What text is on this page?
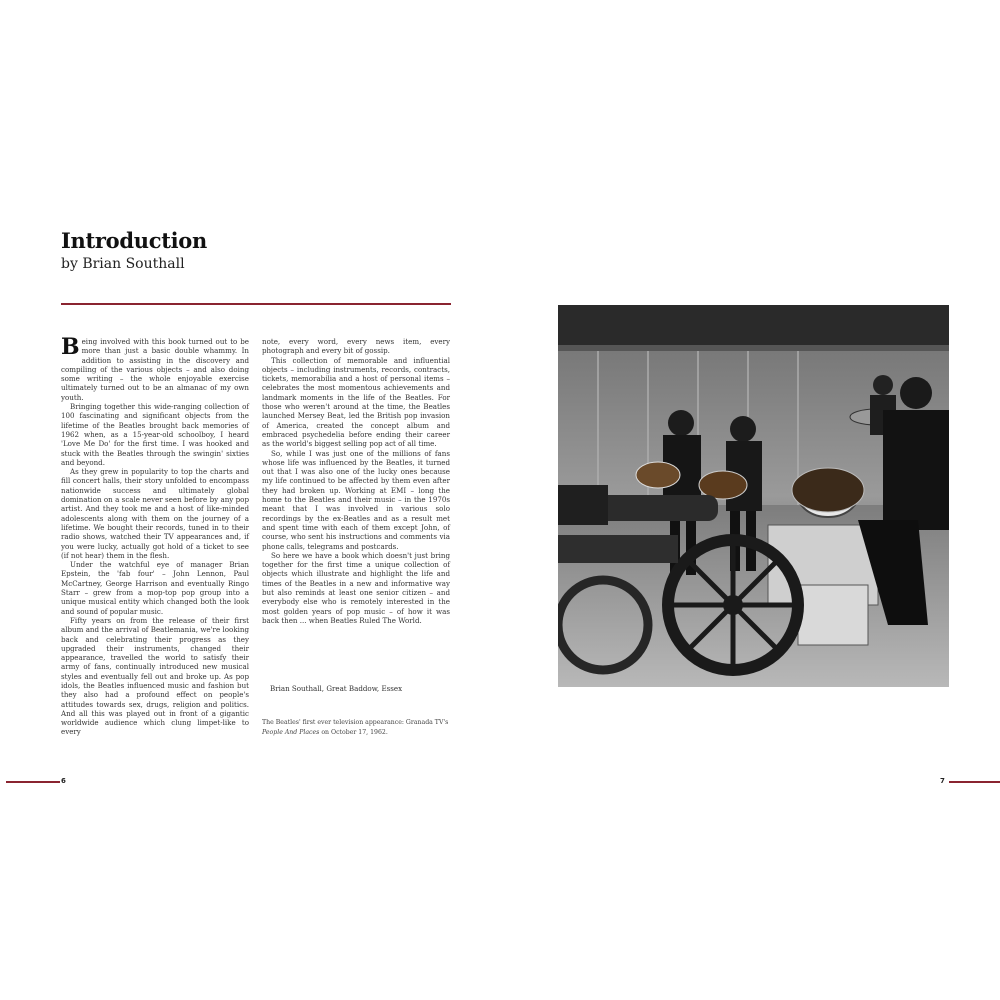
Introduction
by Brian Southall

Being involved with this book turned out to be more than just a basic double whammy. In addition to assisting in the discovery and compiling of the various objects – and also doing some writing – the whole enjoyable exercise ultimately turned out to be an almanac of my own youth.

Bringing together this wide-ranging collection of 100 fascinating and significant objects from the lifetime of the Beatles brought back memories of 1962 when, as a 15-year-old schoolboy, I heard 'Love Me Do' for the first time. I was hooked and stuck with the Beatles through the swingin' sixties and beyond.

As they grew in popularity to top the charts and fill concert halls, their story unfolded to encompass nationwide success and ultimately global domination on a scale never seen before by any pop artist. And they took me and a host of like-minded adolescents along with them on the journey of a lifetime. We bought their records, tuned in to their radio shows, watched their TV appearances and, if you were lucky, actually got hold of a ticket to see (if not hear) them in the flesh.

Under the watchful eye of manager Brian Epstein, the 'fab four' – John Lennon, Paul McCartney, George Harrison and eventually Ringo Starr – grew from a mop-top pop group into a unique musical entity which changed both the look and sound of popular music.

Fifty years on from the release of their first album and the arrival of Beatlemania, we're looking back and celebrating their progress as they upgraded their instruments, changed their appearance, travelled the world to satisfy their army of fans, continually introduced new musical styles and eventually fell out and broke up. As pop idols, the Beatles influenced music and fashion but they also had a profound effect on people's attitudes towards sex, drugs, religion and politics. And all this was played out in front of a gigantic worldwide audience which clung limpet-like to every

note, every word, every news item, every photograph and every bit of gossip.

This collection of memorable and influential objects – including instruments, records, contracts, tickets, memorabilia and a host of personal items – celebrates the most momentous achievements and landmark moments in the life of the Beatles. For those who weren't around at the time, the Beatles launched Mersey Beat, led the British pop invasion of America, created the concept album and embraced psychedelia before ending their career as the world's biggest selling pop act of all time.

So, while I was just one of the millions of fans whose life was influenced by the Beatles, it turned out that I was also one of the lucky ones because my life continued to be affected by them even after they had broken up. Working at EMI – long the home to the Beatles and their music – in the 1970s meant that I was involved in various solo recordings by the ex-Beatles and as a result met and spent time with each of them except John, of course, who sent his instructions and comments via phone calls, telegrams and postcards.

So here we have a book which doesn't just bring together for the first time a unique collection of objects which illustrate and highlight the life and times of the Beatles in a new and informative way but also reminds at least one senior citizen – and everybody else who is remotely interested in the most golden years of pop music – of how it was back then ... when Beatles Ruled The World.

Brian Southall, Great Baddow, Essex
The Beatles' first ever television appearance: Granada TV's People And Places on October 17, 1962.
6	7
